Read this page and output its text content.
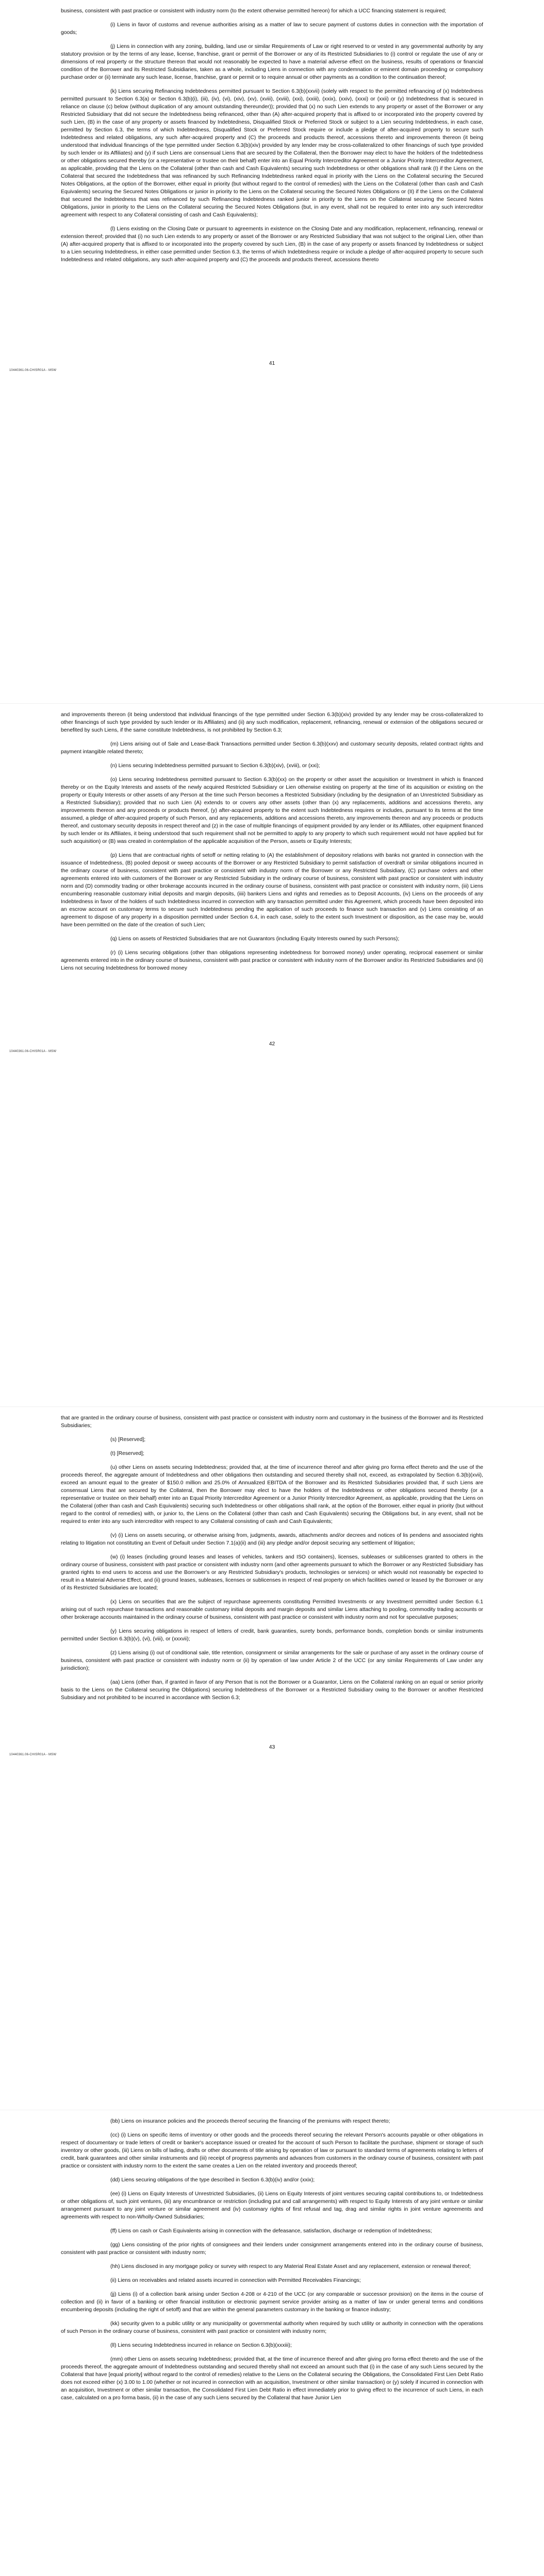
business, consistent with past practice or consistent with industry norm (to the extent otherwise permitted hereon) for which a UCC financing statement is required;

(i) Liens in favor of customs and revenue authorities arising as a matter of law to secure payment of customs duties in connection with the importation of goods;

(j) Liens in connection with any zoning, building, land use or similar Requirements of Law or right reserved to or vested in any governmental authority by any statutory provision or by the terms of any lease, license, franchise, grant or permit of the Borrower or any of its Restricted Subsidiaries to (i) control or regulate the use of any or dimensions of real property or the structure thereon that would not reasonably be expected to have a material adverse effect on the business, results of operations or financial condition of the Borrower and its Restricted Subsidiaries, taken as a whole, including Liens in connection with any condemnation or eminent domain proceeding or compulsory purchase order or (ii) terminate any such lease, license, franchise, grant or permit or to require annual or other payments as a condition to the continuation thereof;

(k) Liens securing Refinancing Indebtedness permitted pursuant to Section 6.3(b)(xxvii) (solely with respect to the permitted refinancing of (x) Indebtedness permitted pursuant to Section 6.3(a) or Section 6.3(b)(i), (iii), (iv), (vi), (xiv), (xv), (xviii), (xviii), (xxi), (xxiii), (xxix), (xxiv), (xxxi) or (xxii) or (y) Indebtedness that is secured in reliance on clause (c) below (without duplication of any amount outstanding thereunder)); provided that (x) no such Lien extends to any property or asset of the Borrower or any Restricted Subsidiary that did not secure the Indebtedness being refinanced, other than (A) after-acquired property that is affixed to or incorporated into the property covered by such Lien, (B) in the case of any property or assets financed by Indebtedness, Disqualified Stock or Preferred Stock or subject to a Lien securing Indebtedness, in each case, permitted by Section 6.3, the terms of which Indebtedness, Disqualified Stock or Preferred Stock require or include a pledge of after-acquired property to secure such Indebtedness and related obligations, any such after-acquired property and (C) the proceeds and products thereof, accessions thereto and improvements thereon (it being understood that individual financings of the type permitted under Section 6.3(b)(xiv) provided by any lender may be cross-collateralized to other financings of such type provided by such lender or its Affiliates) and (y) if such Liens are consensual Liens that are secured by the Collateral, then the Borrower may elect to have the holders of the Indebtedness or other obligations secured thereby (or a representative or trustee on their behalf) enter into an Equal Priority Intercreditor Agreement or a Junior Priority Intercreditor Agreement, as applicable, providing that the Liens on the Collateral (other than cash and Cash Equivalents) securing such Indebtedness or other obligations shall rank (I) if the Liens on the Collateral that secured the Indebtedness that was refinanced by such Refinancing Indebtedness ranked equal in priority with the Liens on the Collateral securing the Secured Notes Obligations, at the option of the Borrower, either equal in priority (but without regard to the control of remedies) with the Liens on the Collateral (other than cash and Cash Equivalents) securing the Secured Notes Obligations or junior in priority to the Liens on the Collateral securing the Secured Notes Obligations or (II) if the Liens on the Collateral that secured the Indebtedness that was refinanced by such Refinancing Indebtedness ranked junior in priority to the Liens on the Collateral securing the Secured Notes Obligations, junior in priority to the Liens on the Collateral securing the Secured Notes Obligations (but, in any event, shall not be required to enter into any such intercreditor agreement with respect to any Collateral consisting of cash and Cash Equivalents);

(l) Liens existing on the Closing Date or pursuant to agreements in existence on the Closing Date and any modification, replacement, refinancing, renewal or extension thereof; provided that (i) no such Lien extends to any property or asset of the Borrower or any Restricted Subsidiary that was not subject to the original Lien, other than (A) after-acquired property that is affixed to or incorporated into the property covered by such Lien, (B) in the case of any property or assets financed by Indebtedness or subject to a Lien securing Indebtedness, in either case permitted under Section 6.3, the terms of which Indebtedness require or include a pledge of after-acquired property to secure such Indebtedness and related obligations, any such after-acquired property and (C) the proceeds and products thereof, accessions thereto

41
10440361.06-CHISR01A - MSW

and improvements thereon (it being understood that individual financings of the type permitted under Section 6.3(b)(xiv) provided by any lender may be cross-collateralized to other financings of such type provided by such lender or its Affiliates) and (ii) any such modification, replacement, refinancing, renewal or extension of the obligations secured or benefited by such Liens, if the same constitute Indebtedness, is not prohibited by Section 6.3;

(m) Liens arising out of Sale and Lease-Back Transactions permitted under Section 6.3(b)(xxv) and customary security deposits, related contract rights and payment intangible related thereto;

(n) Liens securing Indebtedness permitted pursuant to Section 6.3(b)(xiv), (xviii), or (xxi);

(o) Liens securing Indebtedness permitted pursuant to Section 6.3(b)(xx) on the property or other asset the acquisition or Investment in which is financed thereby or on the Equity Interests and assets of the newly acquired Restricted Subsidiary or Lien otherwise existing on property at the time of its acquisition or existing on the property or Equity Interests or other assets of any Person at the time such Person becomes a Restricted Subsidiary (including by the designation of an Unrestricted Subsidiary as a Restricted Subsidiary); provided that no such Lien (A) extends to or covers any other assets (other than (x) any replacements, additions and accessions thereto, any improvements thereon and any proceeds or products thereof, (y) after-acquired property to the extent such Indebtedness requires or includes, pursuant to its terms at the time assumed, a pledge of after-acquired property of such Person, and any replacements, additions and accessions thereto, any improvements thereon and any proceeds or products thereof, and customary security deposits in respect thereof and (z) in the case of multiple financings of equipment provided by any lender or its Affiliates, other equipment financed by such lender or its Affiliates, it being understood that such requirement shall not be permitted to apply to any property to which such requirement would not have applied but for such acquisition) or (B) was created in contemplation of the applicable acquisition of the Person, assets or Equity Interests;

(p) Liens that are contractual rights of setoff or netting relating to (A) the establishment of depository relations with banks not granted in connection with the issuance of Indebtedness, (B) pooled deposit or sweep accounts of the Borrower or any Restricted Subsidiary to permit satisfaction of overdraft or similar obligations incurred in the ordinary course of business, consistent with past practice or consistent with industry norm of the Borrower or any Restricted Subsidiary, (C) purchase orders and other agreements entered into with customers of the Borrower or any Restricted Subsidiary in the ordinary course of business, consistent with past practice or consistent with industry norm and (D) commodity trading or other brokerage accounts incurred in the ordinary course of business, consistent with past practice or consistent with industry norm, (iii) Liens encumbering reasonable customary initial deposits and margin deposits, (iiii) bankers Liens and rights and remedies as to Deposit Accounts, (iv) Liens on the proceeds of any Indebtedness in favor of the holders of such Indebtedness incurred in connection with any transaction permitted under this Agreement, which proceeds have been deposited into an escrow account on customary terms to secure such Indebtedness pending the application of such proceeds to finance such transaction and (v) Liens consisting of an agreement to dispose of any property in a disposition permitted under Section 6.4, in each case, solely to the extent such Investment or disposition, as the case may be, would have been permitted on the date of the creation of such Lien;

(q) Liens on assets of Restricted Subsidiaries that are not Guarantors (including Equity Interests owned by such Persons);

(r) (i) Liens securing obligations (other than obligations representing indebtedness for borrowed money) under operating, reciprocal easement or similar agreements entered into in the ordinary course of business, consistent with past practice or consistent with industry norm of the Borrower and/or its Restricted Subsidiaries and (ii) Liens not securing Indebtedness for borrowed money

42
10440361.06-CHISR01A - MSW

that are granted in the ordinary course of business, consistent with past practice or consistent with industry norm and customary in the business of the Borrower and its Restricted Subsidiaries;

(s) [Reserved];

(t) [Reserved];

(u) other Liens on assets securing Indebtedness; provided that, at the time of incurrence thereof and after giving pro forma effect thereto and the use of the proceeds thereof, the aggregate amount of Indebtedness and other obligations then outstanding and secured thereby shall not, exceed, as extrapolated by Section 6.3(b)(xvii), exceed an amount equal to the greater of $150.0 million and 25.0% of Annualized EBITDA of the Borrower and its Restricted Subsidiaries provided that, if such Liens are consensual Liens that are secured by the Collateral, then the Borrower may elect to have the holders of the Indebtedness or other obligations secured thereby (or a representative or trustee on their behalf) enter into an Equal Priority Intercreditor Agreement or a Junior Priority Intercreditor Agreement, as applicable, providing that the Liens on the Collateral (other than cash and Cash Equivalents) securing such Indebtedness or other obligations shall rank, at the option of the Borrower, either equal in priority (but without regard to the control of remedies) with, or junior to, the Liens on the Collateral (other than cash and Cash Equivalents) securing the Obligations but, in any event, shall not be required to enter into any such intercreditor with respect to any Collateral consisting of cash and Cash Equivalents;

(v) (i) Liens on assets securing, or otherwise arising from, judgments, awards, attachments and/or decrees and notices of lis pendens and associated rights relating to litigation not constituting an Event of Default under Section 7.1(a)(ii) and (iii) any pledge and/or deposit securing any settlement of litigation;

(w) (i) leases (including ground leases and leases of vehicles, tankers and ISO containers), licenses, subleases or sublicenses granted to others in the ordinary course of business, consistent with past practice or consistent with industry norm (and other agreements pursuant to which the Borrower or any Restricted Subsidiary has granted rights to end users to access and use the Borrower's or any Restricted Subsidiary's products, technologies or services) or which would not reasonably be expected to result in a Material Adverse Effect, and (ii) ground leases, subleases, licenses or sublicenses in respect of real property on which facilities owned or leased by the Borrower or any of its Restricted Subsidiaries are located;

(x) Liens on securities that are the subject of repurchase agreements constituting Permitted Investments or any Investment permitted under Section 6.1 arising out of such repurchase transactions and reasonable customary initial deposits and margin deposits and similar Liens attaching to pooling, commodity trading accounts or other brokerage accounts maintained in the ordinary course of business, consistent with past practice or consistent with industry norm and not for speculative purposes;

(y) Liens securing obligations in respect of letters of credit, bank guaranties, surety bonds, performance bonds, completion bonds or similar instruments permitted under Section 6.3(b)(v), (vi), (viii), or (xxxvii);

(z) Liens arising (i) out of conditional sale, title retention, consignment or similar arrangements for the sale or purchase of any asset in the ordinary course of business, consistent with past practice or consistent with industry norm or (ii) by operation of law under Article 2 of the UCC (or any similar Requirements of Law under any jurisdiction);

(aa) Liens (other than, if granted in favor of any Person that is not the Borrower or a Guarantor, Liens on the Collateral ranking on an equal or senior priority basis to the Liens on the Collateral securing the Obligations) securing Indebtedness of the Borrower or a Restricted Subsidiary owing to the Borrower or another Restricted Subsidiary and not prohibited to be incurred in accordance with Section 6.3;

43
10440361.06-CHISR01A - MSW

(bb) Liens on insurance policies and the proceeds thereof securing the financing of the premiums with respect thereto;

(cc) (i) Liens on specific items of inventory or other goods and the proceeds thereof securing the relevant Person's accounts payable or other obligations in respect of documentary or trade letters of credit or banker's acceptance issued or created for the account of such Person to facilitate the purchase, shipment or storage of such inventory or other goods, (iii) Liens on bills of lading, drafts or other documents of title arising by operation of law or pursuant to standard terms of agreements relating to letters of credit, bank guarantees and other similar instruments and (iii) receipt of progress payments and advances from customers in the ordinary course of business, consistent with past practice or consistent with industry norm to the extent the same creates a Lien on the related inventory and proceeds thereof;

(dd) Liens securing obligations of the type described in Section 6.3(b)(iv) and/or (xxix);

(ee) (i) Liens on Equity Interests of Unrestricted Subsidiaries, (ii) Liens on Equity Interests of joint ventures securing capital contributions to, or Indebtedness or other obligations of, such joint ventures, (iii) any encumbrance or restriction (including put and call arrangements) with respect to Equity Interests of any joint venture or similar arrangement pursuant to any joint venture or similar agreement and (iv) customary rights of first refusal and tag, drag and similar rights in joint venture agreements and agreements with respect to non-Wholly-Owned Subsidiaries;

(ff) Liens on cash or Cash Equivalents arising in connection with the defeasance, satisfaction, discharge or redemption of Indebtedness;

(gg) Liens consisting of the prior rights of consignees and their lenders under consignment arrangements entered into in the ordinary course of business, consistent with past practice or consistent with industry norm;

(hh) Liens disclosed in any mortgage policy or survey with respect to any Material Real Estate Asset and any replacement, extension or renewal thereof;

(ii) Liens on receivables and related assets incurred in connection with Permitted Receivables Financings;

(jj) Liens (i) of a collection bank arising under Section 4-208 or 4-210 of the UCC (or any comparable or successor provision) on the items in the course of collection and (ii) in favor of a banking or other financial institution or electronic payment service provider arising as a matter of law or under general terms and conditions encumbering deposits (including the right of setoff) and that are within the general parameters customary in the banking or finance industry;

(kk) security given to a public utility or any municipality or governmental authority when required by such utility or authority in connection with the operations of such Person in the ordinary course of business, consistent with past practice or consistent with industry norm;

(ll) Liens securing Indebtedness incurred in reliance on Section 6.3(b)(xxxiii);

(mm) other Liens on assets securing Indebtedness; provided that, at the time of incurrence thereof and after giving pro forma effect thereto and the use of the proceeds thereof, the aggregate amount of Indebtedness outstanding and secured thereby shall not exceed an amount such that (i) in the case of any such Liens secured by the Collateral that have [equal priority] without regard to the control of remedies) relative to the Liens on the Collateral securing the Obligations, the Consolidated First Lien Debt Ratio does not exceed either (x) 3.00 to 1.00 (whether or not incurred in connection with an acquisition, Investment or other similar transaction) or (y) solely if incurred in connection with an acquisition, Investment or other similar transaction, the Consolidated First Lien Debt Ratio in effect immediately prior to giving effect to the incurrence of such Liens, in each case, calculated on a pro forma basis, (ii) in the case of any such Liens secured by the Collateral that have Junior Lien
